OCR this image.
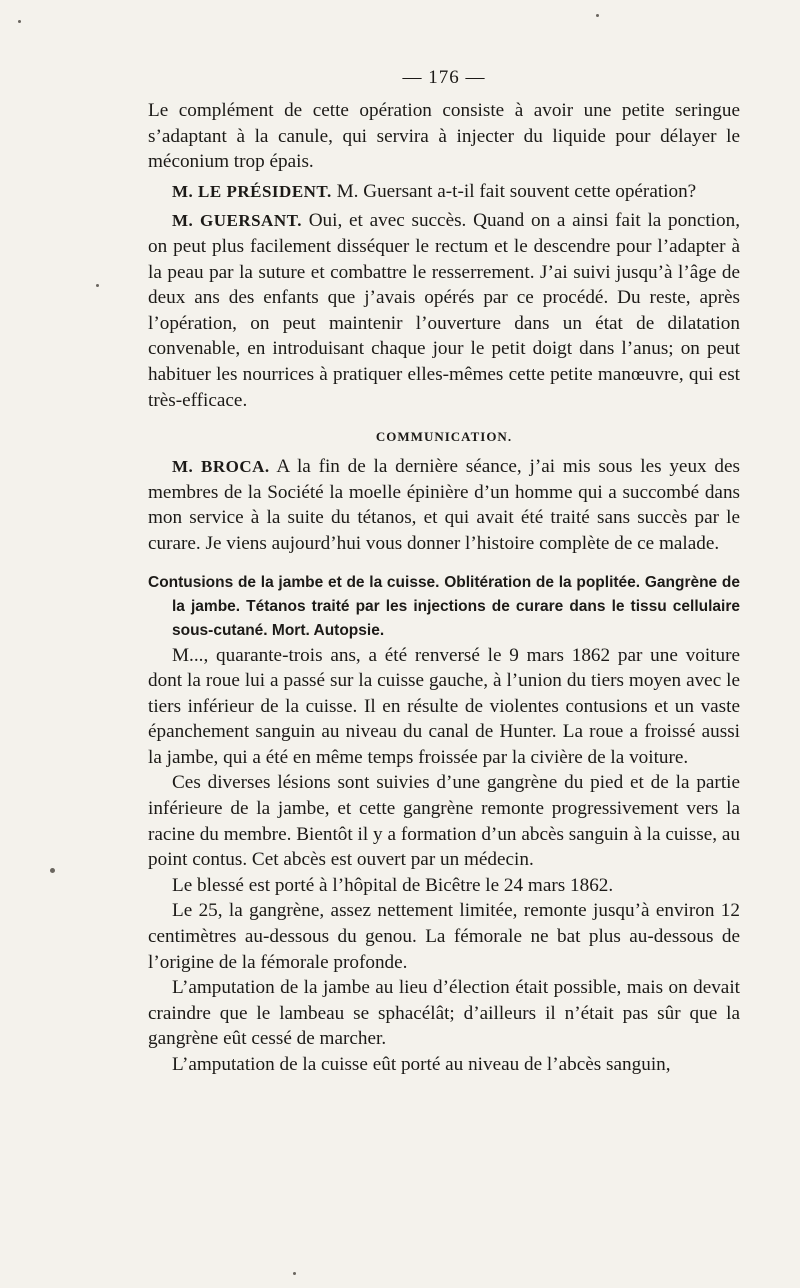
— 176 —

Le complément de cette opération consiste à avoir une petite seringue s’adaptant à la canule, qui servira à injecter du liquide pour délayer le méconium trop épais.

M. LE PRÉSIDENT. M. Guersant a-t-il fait souvent cette opération?

M. GUERSANT. Oui, et avec succès. Quand on a ainsi fait la ponction, on peut plus facilement disséquer le rectum et le descendre pour l’adapter à la peau par la suture et combattre le resserrement. J’ai suivi jusqu’à l’âge de deux ans des enfants que j’avais opérés par ce procédé. Du reste, après l’opération, on peut maintenir l’ouverture dans un état de dilatation convenable, en introduisant chaque jour le petit doigt dans l’anus; on peut habituer les nourrices à pratiquer elles-mêmes cette petite manœuvre, qui est très-efficace.

COMMUNICATION.

M. BROCA. A la fin de la dernière séance, j’ai mis sous les yeux des membres de la Société la moelle épinière d’un homme qui a succombé dans mon service à la suite du tétanos, et qui avait été traité sans succès par le curare. Je viens aujourd’hui vous donner l’histoire complète de ce malade.

Contusions de la jambe et de la cuisse. Oblitération de la poplitée. Gangrène de la jambe. Tétanos traité par les injections de curare dans le tissu cellulaire sous-cutané. Mort. Autopsie.

M..., quarante-trois ans, a été renversé le 9 mars 1862 par une voiture dont la roue lui a passé sur la cuisse gauche, à l’union du tiers moyen avec le tiers inférieur de la cuisse. Il en résulte de violentes contusions et un vaste épanchement sanguin au niveau du canal de Hunter. La roue a froissé aussi la jambe, qui a été en même temps froissée par la civière de la voiture.

Ces diverses lésions sont suivies d’une gangrène du pied et de la partie inférieure de la jambe, et cette gangrène remonte progressivement vers la racine du membre. Bientôt il y a formation d’un abcès sanguin à la cuisse, au point contus. Cet abcès est ouvert par un médecin.

Le blessé est porté à l’hôpital de Bicêtre le 24 mars 1862.

Le 25, la gangrène, assez nettement limitée, remonte jusqu’à environ 12 centimètres au-dessous du genou. La fémorale ne bat plus au-dessous de l’origine de la fémorale profonde.

L’amputation de la jambe au lieu d’élection était possible, mais on devait craindre que le lambeau se sphacélât; d’ailleurs il n’était pas sûr que la gangrène eût cessé de marcher.

L’amputation de la cuisse eût porté au niveau de l’abcès sanguin,
